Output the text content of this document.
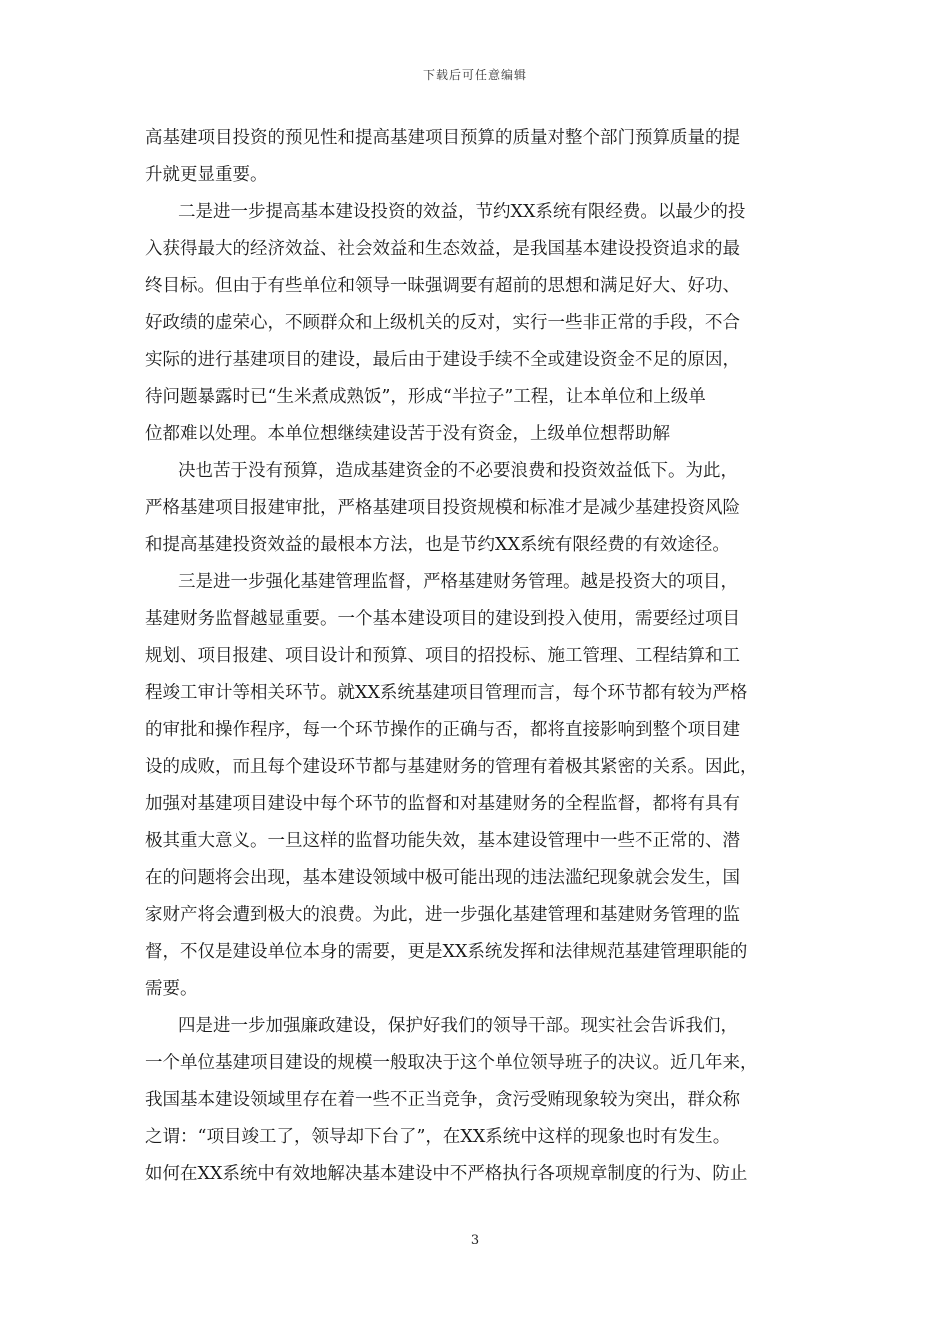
下载后可任意编辑
高基建项目投资的预见性和提高基建项目预算的质量对整个部门预算质量的提
升就更显重要。
二是进一步提高基本建设投资的效益，节约XX系统有限经费。以最少的投
入获得最大的经济效益、社会效益和生态效益，是我国基本建设投资追求的最
终目标。但由于有些单位和领导一昧强调要有超前的思想和满足好大、好功、
好政绩的虚荣心，不顾群众和上级机关的反对，实行一些非正常的手段，不合
实际的进行基建项目的建设，最后由于建设手续不全或建设资金不足的原因，
待问题暴露时已“生米煮成熟饭”，形成“半拉子”工程，让本单位和上级单
位都难以处理。本单位想继续建设苦于没有资金，上级单位想帮助解
决也苦于没有预算，造成基建资金的不必要浪费和投资效益低下。为此，
严格基建项目报建审批，严格基建项目投资规模和标准才是减少基建投资风险
和提高基建投资效益的最根本方法，也是节约XX系统有限经费的有效途径。
三是进一步强化基建管理监督，严格基建财务管理。越是投资大的项目，
基建财务监督越显重要。一个基本建设项目的建设到投入使用，需要经过项目
规划、项目报建、项目设计和预算、项目的招投标、施工管理、工程结算和工
程竣工审计等相关环节。就XX系统基建项目管理而言，每个环节都有较为严格
的审批和操作程序，每一个环节操作的正确与否，都将直接影响到整个项目建
设的成败，而且每个建设环节都与基建财务的管理有着极其紧密的关系。因此，
加强对基建项目建设中每个环节的监督和对基建财务的全程监督，都将有具有
极其重大意义。一旦这样的监督功能失效，基本建设管理中一些不正常的、潜
在的问题将会出现，基本建设领域中极可能出现的违法滥纪现象就会发生，国
家财产将会遭到极大的浪费。为此，进一步强化基建管理和基建财务管理的监
督，不仅是建设单位本身的需要，更是XX系统发挥和法律规范基建管理职能的
需要。
四是进一步加强廉政建设，保护好我们的领导干部。现实社会告诉我们，
一个单位基建项目建设的规模一般取决于这个单位领导班子的决议。近几年来，
我国基本建设领域里存在着一些不正当竞争，贪污受贿现象较为突出，群众称
之谓：“项目竣工了，领导却下台了”，在XX系统中这样的现象也时有发生。
如何在XX系统中有效地解决基本建设中不严格执行各项规章制度的行为、防止
3
